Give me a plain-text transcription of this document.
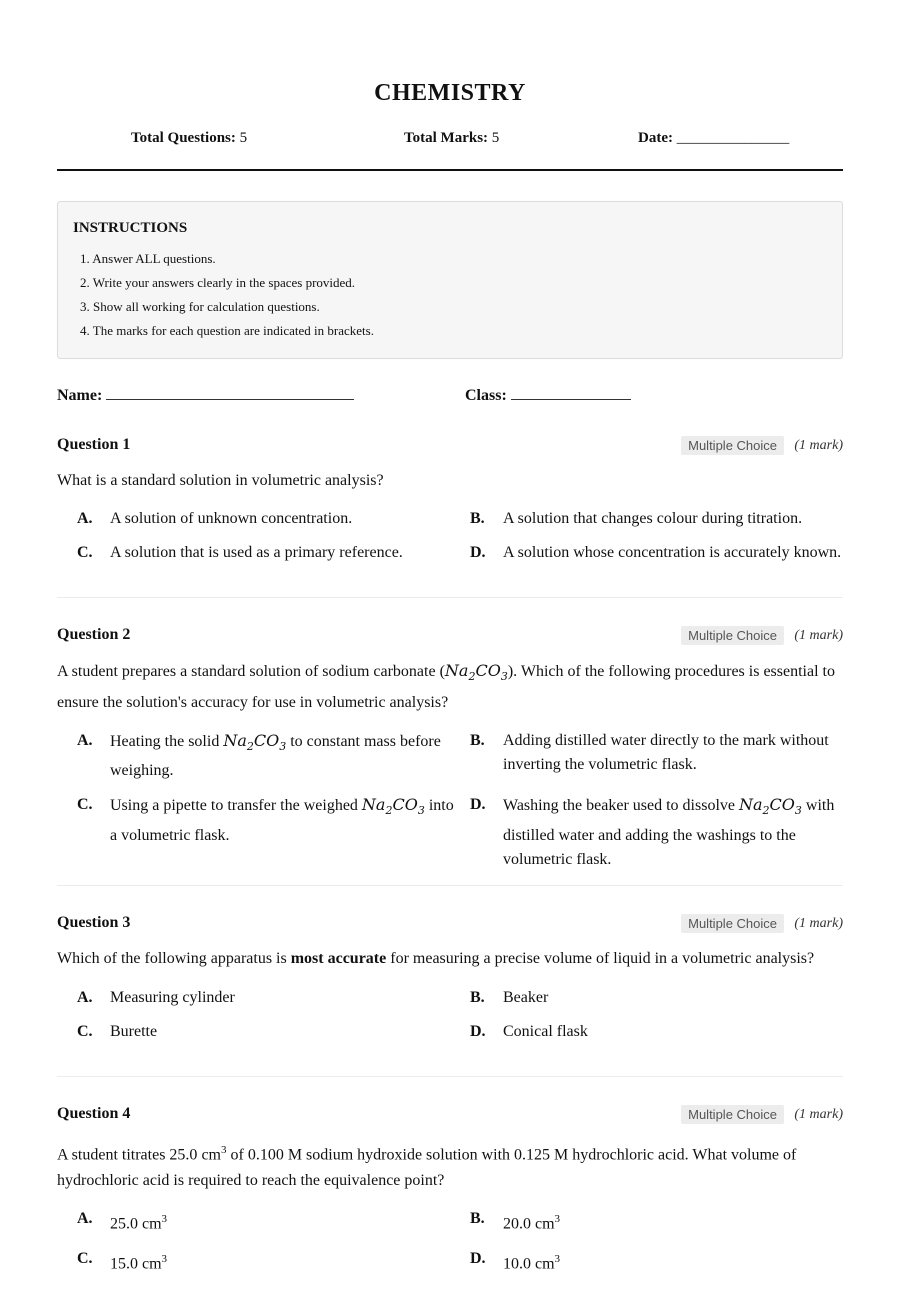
CHEMISTRY
Total Questions: 5	Total Marks: 5	Date: _______________
INSTRUCTIONS
1. Answer ALL questions.
2. Write your answers clearly in the spaces provided.
3. Show all working for calculation questions.
4. The marks for each question are indicated in brackets.
Name:	Class:
Question 1	Multiple Choice	(1 mark)
What is a standard solution in volumetric analysis?
A.	A solution of unknown concentration.	B.	A solution that changes colour during titration.
C.	A solution that is used as a primary reference.	D.	A solution whose concentration is accurately known.
Question 2	Multiple Choice	(1 mark)
A student prepares a standard solution of sodium carbonate $(Na_2CO_3)$. Which of the following procedures is essential to ensure the solution's accuracy for use in volumetric analysis?
A.	Heating the solid $Na_2CO_3$ to constant mass before weighing.
B.	Adding distilled water directly to the mark without inverting the volumetric flask.
C.	Using a pipette to transfer the weighed $Na_2CO_3$ into a volumetric flask.
D.	Washing the beaker used to dissolve $Na_2CO_3$ with distilled water and adding the washings to the volumetric flask.
Question 3	Multiple Choice	(1 mark)
Which of the following apparatus is most accurate for measuring a precise volume of liquid in a volumetric analysis?
A.	Measuring cylinder	B.	Beaker
C.	Burette	D.	Conical flask
Question 4	Multiple Choice	(1 mark)
A student titrates 25.0 $cm^3$ of 0.100 M sodium hydroxide solution with 0.125 M hydrochloric acid. What volume of hydrochloric acid is required to reach the equivalence point?
A.	25.0 $cm^3$	B.	20.0 $cm^3$
C.	15.0 $cm^3$	D.	10.0 $cm^3$
